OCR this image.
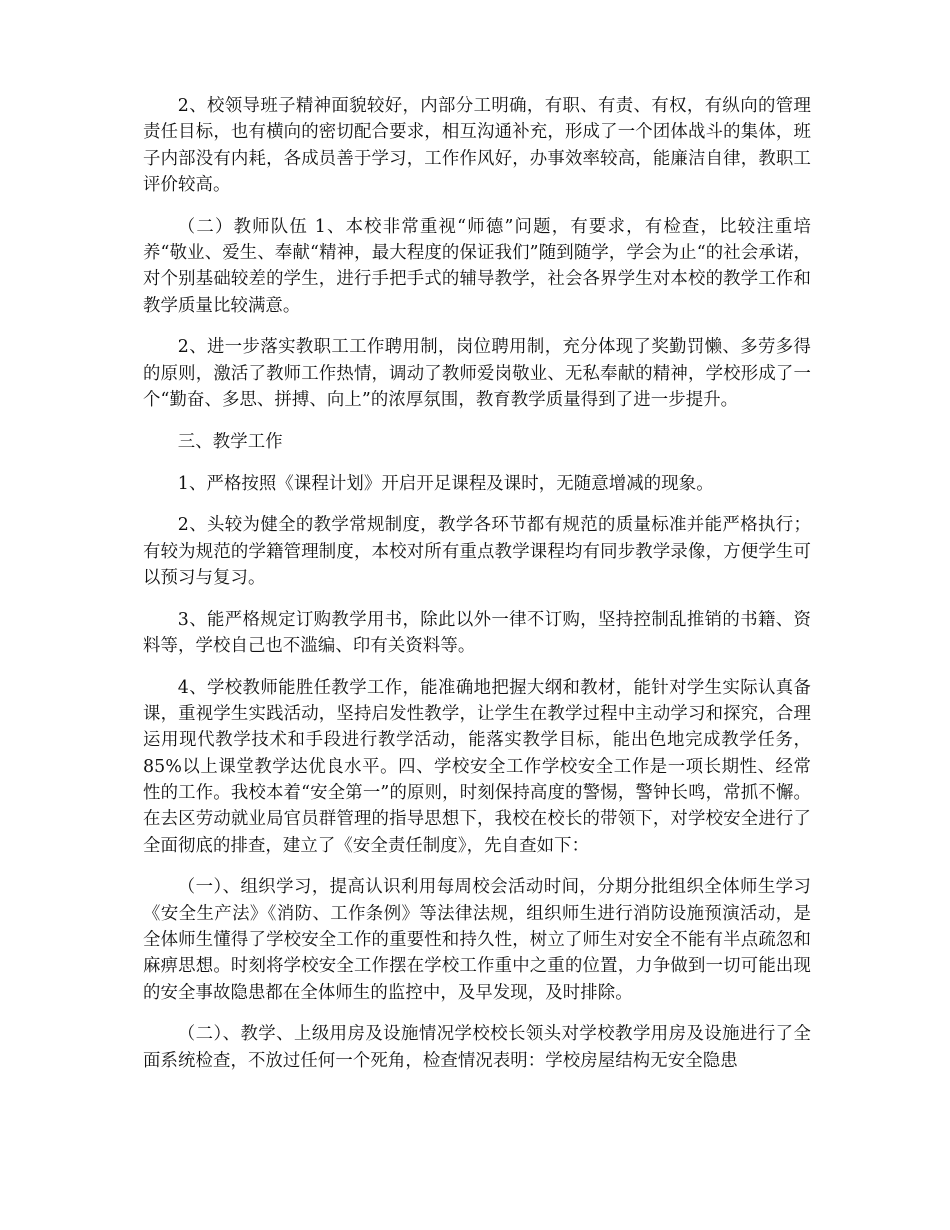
2、校领导班子精神面貌较好，内部分工明确，有职、有责、有权，有纵向的管理责任目标，也有横向的密切配合要求，相互沟通补充，形成了一个团体战斗的集体，班子内部没有内耗，各成员善于学习，工作作风好，办事效率较高，能廉洁自律，教职工评价较高。

（二）教师队伍 1、本校非常重视“师德”问题，有要求，有检查，比较注重培养“敬业、爱生、奉献“精神，最大程度的保证我们”随到随学，学会为止“的社会承诺，对个别基础较差的学生，进行手把手式的辅导教学，社会各界学生对本校的教学工作和教学质量比较满意。

2、进一步落实教职工工作聘用制，岗位聘用制，充分体现了奖勤罚懒、多劳多得的原则，激活了教师工作热情，调动了教师爱岗敬业、无私奉献的精神，学校形成了一个“勤奋、多思、拼搏、向上”的浓厚氛围，教育教学质量得到了进一步提升。

三、教学工作

1、严格按照《课程计划》开启开足课程及课时，无随意增减的现象。

2、头较为健全的教学常规制度，教学各环节都有规范的质量标准并能严格执行；有较为规范的学籍管理制度，本校对所有重点教学课程均有同步教学录像，方便学生可以预习与复习。

3、能严格规定订购教学用书，除此以外一律不订购，坚持控制乱推销的书籍、资料等，学校自己也不滥编、印有关资料等。

4、学校教师能胜任教学工作，能准确地把握大纲和教材，能针对学生实际认真备课，重视学生实践活动，坚持启发性教学，让学生在教学过程中主动学习和探究，合理运用现代教学技术和手段进行教学活动，能落实教学目标，能出色地完成教学任务，85%以上课堂教学达优良水平。四、学校安全工作学校安全工作是一项长期性、经常性的工作。我校本着“安全第一”的原则，时刻保持高度的警惕，警钟长鸣，常抓不懈。在去区劳动就业局官员群管理的指导思想下，我校在校长的带领下，对学校安全进行了全面彻底的排查，建立了《安全责任制度》，先自查如下：

（一）、组织学习，提高认识利用每周校会活动时间，分期分批组织全体师生学习《安全生产法》《消防、工作条例》等法律法规，组织师生进行消防设施预演活动，是全体师生懂得了学校安全工作的重要性和持久性，树立了师生对安全不能有半点疏忽和麻痹思想。时刻将学校安全工作摆在学校工作重中之重的位置，力争做到一切可能出现的安全事故隐患都在全体师生的监控中，及早发现，及时排除。

（二）、教学、上级用房及设施情况学校校长领头对学校教学用房及设施进行了全面系统检查，不放过任何一个死角，检查情况表明：学校房屋结构无安全隐患
